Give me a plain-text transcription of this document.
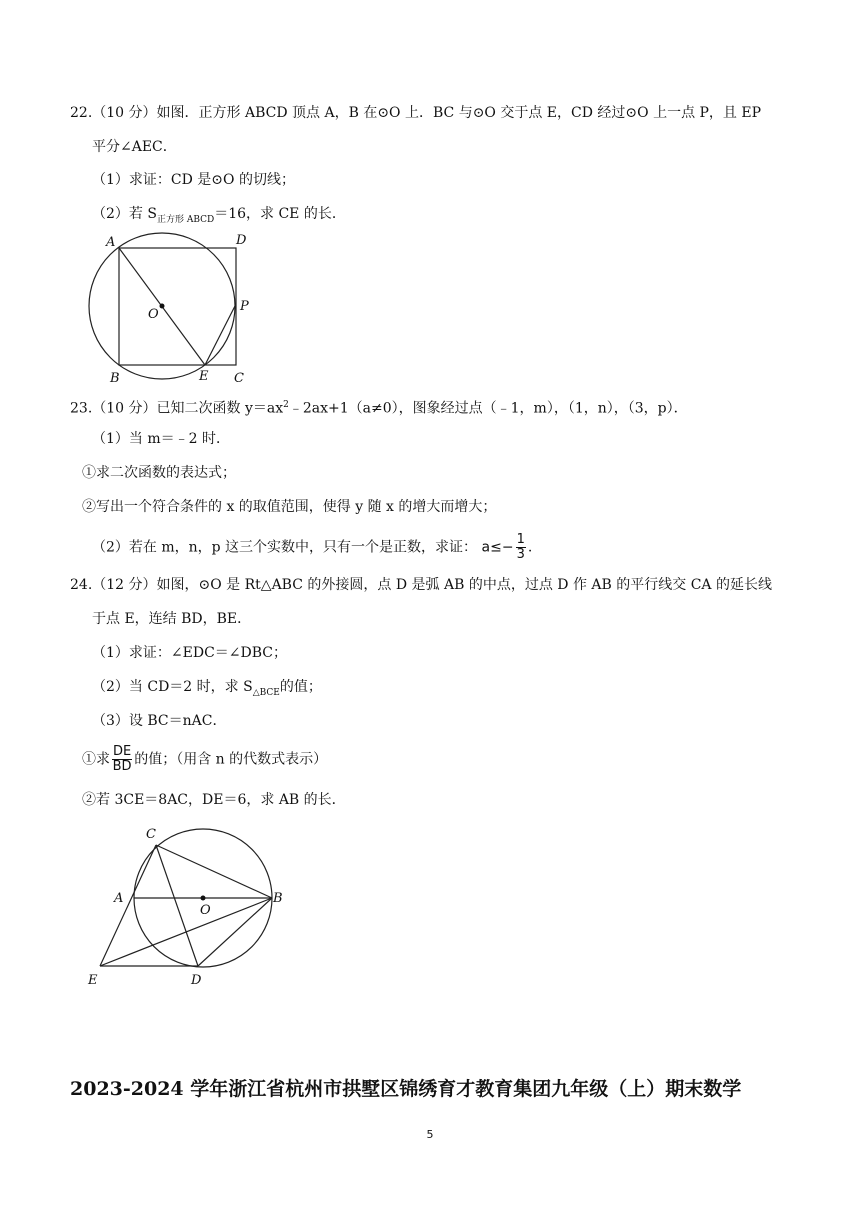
22.（10 分）如图．正方形 ABCD 顶点 A，B 在⊙O 上．BC 与⊙O 交于点 E，CD 经过⊙O 上一点 P，且 EP
平分∠AEC．
（1）求证：CD 是⊙O 的切线；
（2）若 $S_{正方形 ABCD}=16$，求 CE 的长．
A	D
O
P
B	E C
23.（10 分）已知二次函数 $y=ax^2﹣2ax+1(a\ne 0)$，图象经过点（﹣1，m），（1，n），（3，p）．
（1）当 m＝﹣2 时．
①求二次函数的表达式；
②写出一个符合条件的 x 的取值范围，使得 y 随 x 的增大而增大；
（2）若在 m，n，p 这三个实数中，只有一个是正数，求证： $a\le- \frac{1}{3}$ .
24.（12 分）如图，⊙O 是 Rt△ABC 的外接圆，点 D 是弧 AB 的中点，过点 D 作 AB 的平行线交 CA 的延长线
于点 E，连结 BD，BE．
（1）求证：∠EDC＝∠DBC；
（2）当 CD＝2 时，求 $S_{\triangle BCE}$的值；
（3）设 BC＝nAC．
①求 $\frac{DE}{BD}$ 的值；（用含 n 的代数式表示）
②若 3CE＝8AC，DE＝6，求 AB 的长．
C
A
O
B
E	D
2023-2024 学年浙江省杭州市拱墅区锦绣育才教育集团九年级（上）期末数学
5
